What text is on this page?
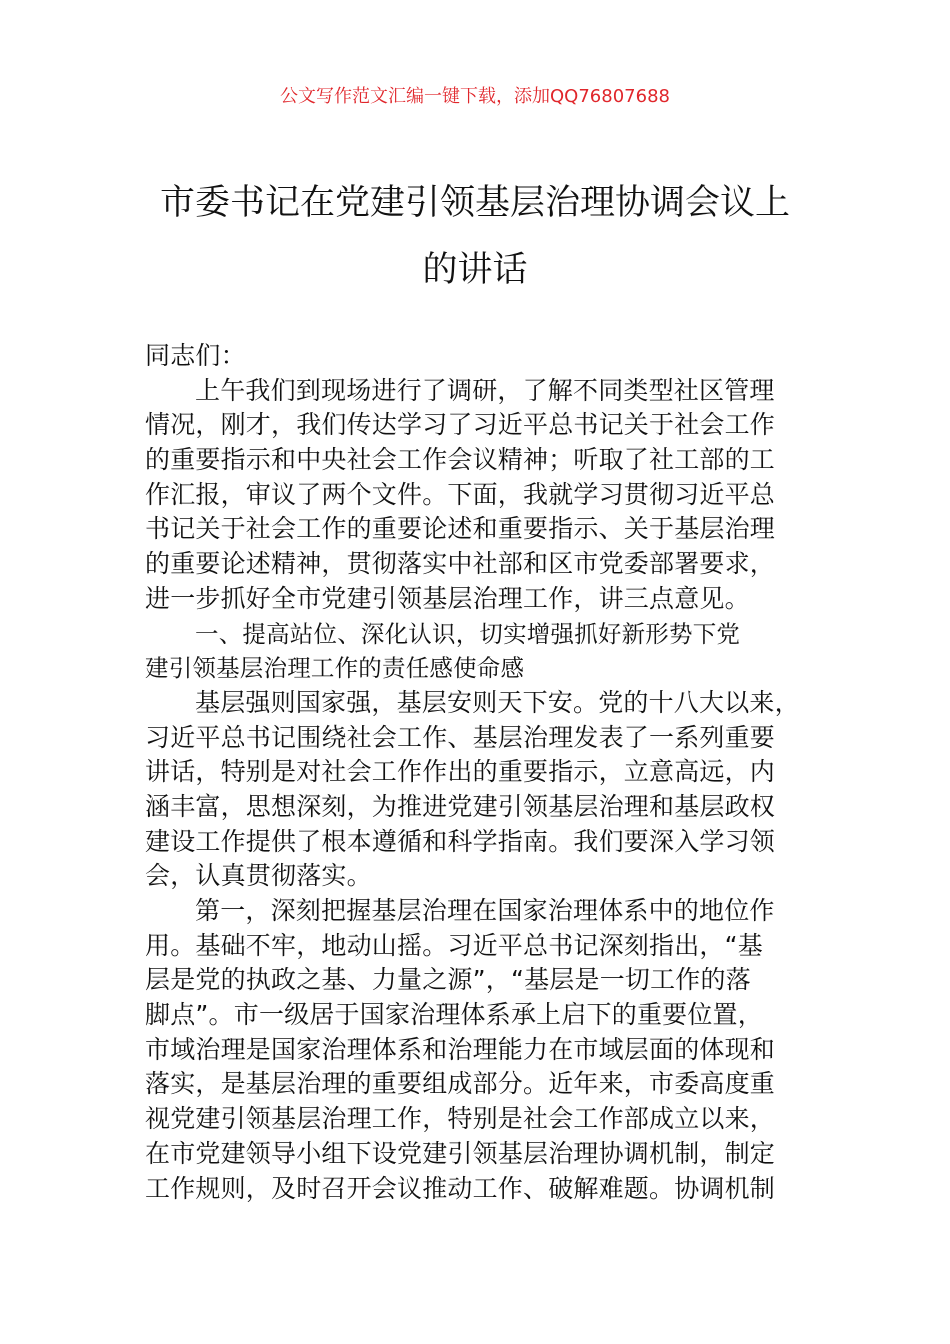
公文写作范文汇编一键下载，添加QQ76807688
市委书记在党建引领基层治理协调会议上
的讲话
同志们：
上午我们到现场进行了调研，了解不同类型社区管理
情况，刚才，我们传达学习了习近平总书记关于社会工作
的重要指示和中央社会工作会议精神；听取了社工部的工
作汇报，审议了两个文件。下面，我就学习贯彻习近平总
书记关于社会工作的重要论述和重要指示、关于基层治理
的重要论述精神，贯彻落实中社部和区市党委部署要求，
进一步抓好全市党建引领基层治理工作，讲三点意见。
一、提高站位、深化认识，切实增强抓好新形势下党
建引领基层治理工作的责任感使命感
基层强则国家强，基层安则天下安。党的十八大以来，
习近平总书记围绕社会工作、基层治理发表了一系列重要
讲话，特别是对社会工作作出的重要指示，立意高远，内
涵丰富，思想深刻，为推进党建引领基层治理和基层政权
建设工作提供了根本遵循和科学指南。我们要深入学习领
会，认真贯彻落实。
第一，深刻把握基层治理在国家治理体系中的地位作
用。基础不牢，地动山摇。习近平总书记深刻指出，“基
层是党的执政之基、力量之源”，“基层是一切工作的落
脚点”。市一级居于国家治理体系承上启下的重要位置，
市域治理是国家治理体系和治理能力在市域层面的体现和
落实，是基层治理的重要组成部分。近年来，市委高度重
视党建引领基层治理工作，特别是社会工作部成立以来，
在市党建领导小组下设党建引领基层治理协调机制，制定
工作规则，及时召开会议推动工作、破解难题。协调机制
